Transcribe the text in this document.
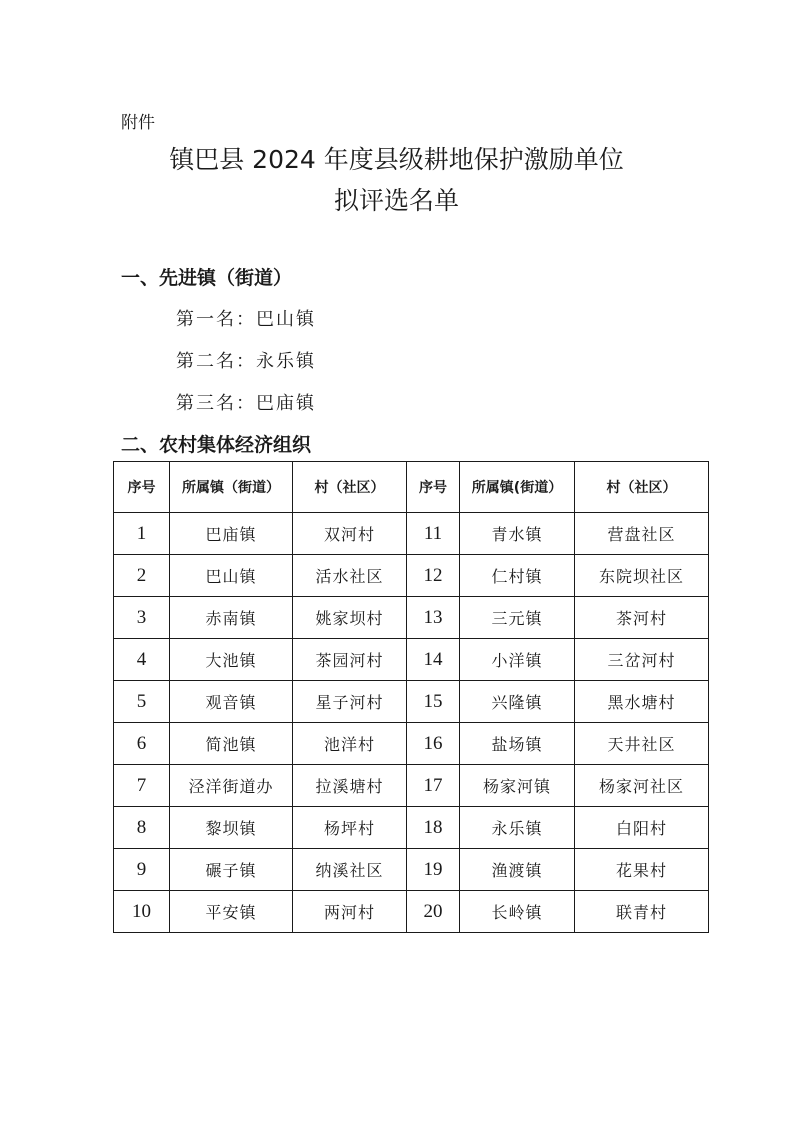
附件
镇巴县 2024 年度县级耕地保护激励单位
拟评选名单
一、先进镇（街道）
第一名：巴山镇
第二名：永乐镇
第三名：巴庙镇
二、农村集体经济组织
序号	所属镇（街道）	村（社区）	序号	所属镇(街道）	村（社区）
1	巴庙镇	双河村	11	青水镇	营盘社区
2	巴山镇	活水社区	12	仁村镇	东院坝社区
3	赤南镇	姚家坝村	13	三元镇	茶河村
4	大池镇	茶园河村	14	小洋镇	三岔河村
5	观音镇	星子河村	15	兴隆镇	黑水塘村
6	简池镇	池洋村	16	盐场镇	天井社区
7	泾洋街道办	拉溪塘村	17	杨家河镇	杨家河社区
8	黎坝镇	杨坪村	18	永乐镇	白阳村
9	碾子镇	纳溪社区	19	渔渡镇	花果村
10	平安镇	两河村	20	长岭镇	联青村
